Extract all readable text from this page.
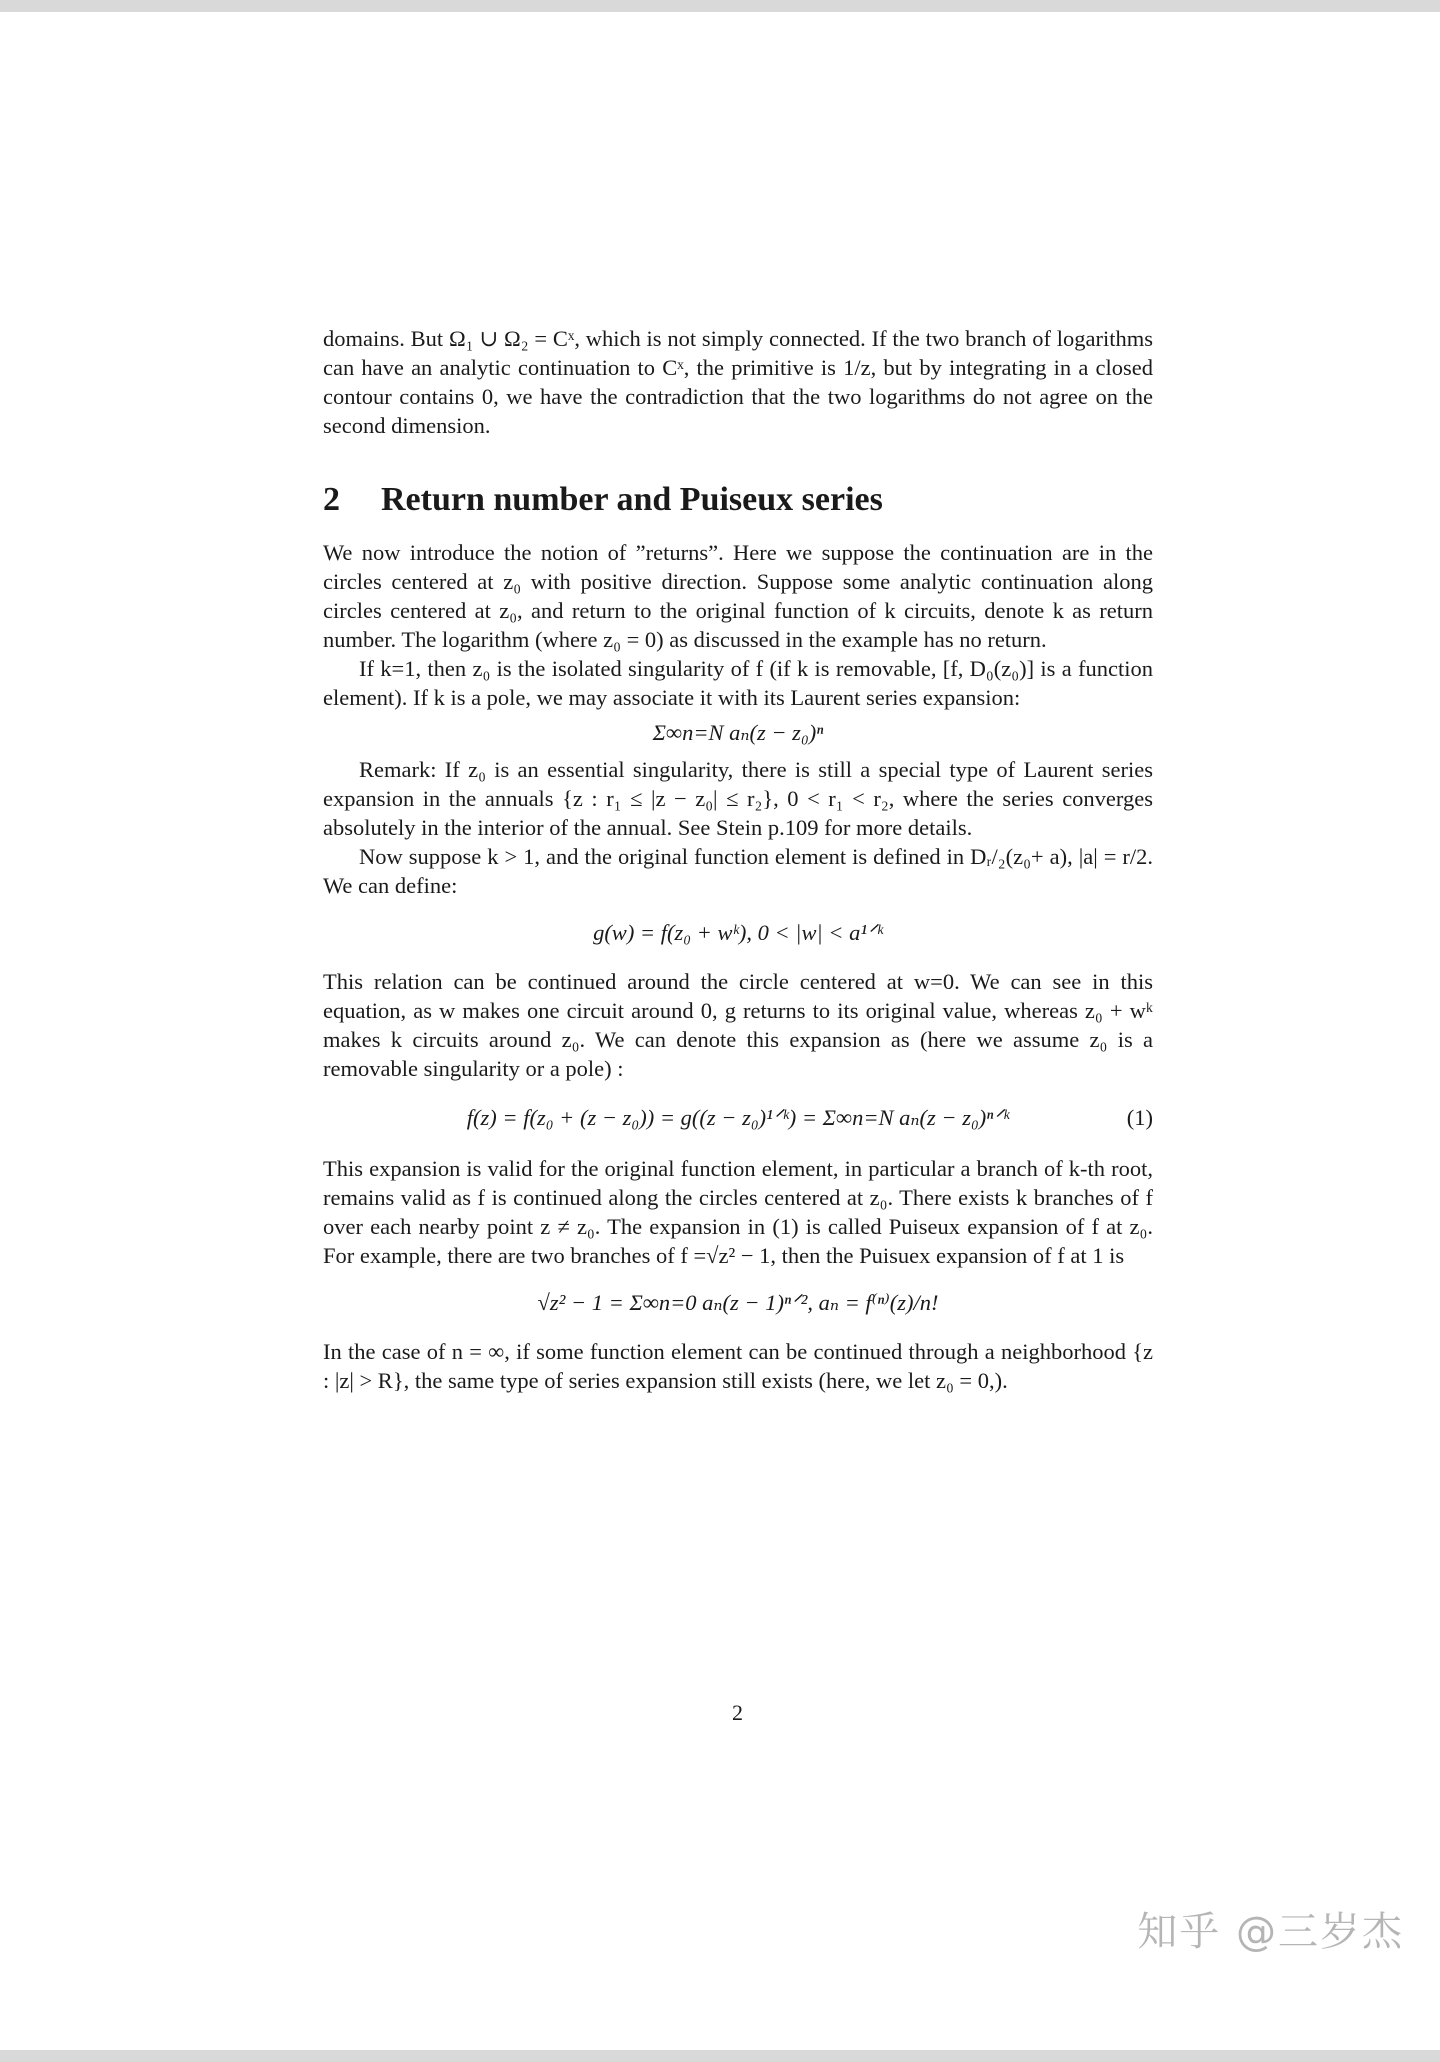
domains. But Ω₁ ∪ Ω₂ = Cˣ, which is not simply connected. If the two branch of logarithms can have an analytic continuation to Cˣ, the primitive is 1/z, but by integrating in a closed contour contains 0, we have the contradiction that the two logarithms do not agree on the second dimension.

2 Return number and Puiseux series

We now introduce the notion of ”returns”. Here we suppose the continuation are in the circles centered at z₀ with positive direction. Suppose some analytic continuation along circles centered at z₀, and return to the original function of k circuits, denote k as return number. The logarithm (where z₀ = 0) as discussed in the example has no return.

If k=1, then z₀ is the isolated singularity of f (if k is removable, [f, D₀(z₀)] is a function element). If k is a pole, we may associate it with its Laurent series expansion:

Σ∞n=N aₙ(z − z₀)ⁿ

Remark: If z₀ is an essential singularity, there is still a special type of Laurent series expansion in the annuals {z : r₁ ≤ |z − z₀| ≤ r₂}, 0 < r₁ < r₂, where the series converges absolutely in the interior of the annual. See Stein p.109 for more details.

Now suppose k > 1, and the original function element is defined in Dᵣ/₂(z₀+ a), |a| = r/2. We can define:

g(w) = f(z₀ + wᵏ), 0 < |w| < a¹ᐟᵏ

This relation can be continued around the circle centered at w=0. We can see in this equation, as w makes one circuit around 0, g returns to its original value, whereas z₀ + wᵏ makes k circuits around z₀. We can denote this expansion as (here we assume z₀ is a removable singularity or a pole) :

f(z) = f(z₀ + (z − z₀)) = g((z − z₀)¹ᐟᵏ) = Σ∞n=N aₙ(z − z₀)ⁿᐟᵏ	(1)

This expansion is valid for the original function element, in particular a branch of k-th root, remains valid as f is continued along the circles centered at z₀. There exists k branches of f over each nearby point z ≠ z₀. The expansion in (1) is called Puiseux expansion of f at z₀. For example, there are two branches of f =√z² − 1, then the Puisuex expansion of f at 1 is

√z² − 1 = Σ∞n=0 aₙ(z − 1)ⁿᐟ², aₙ = f⁽ⁿ⁾(z)/n!

In the case of n = ∞, if some function element can be continued through a neighborhood {z : |z| > R}, the same type of series expansion still exists (here, we let z₀ = 0,).

2
知乎 @三岁杰
